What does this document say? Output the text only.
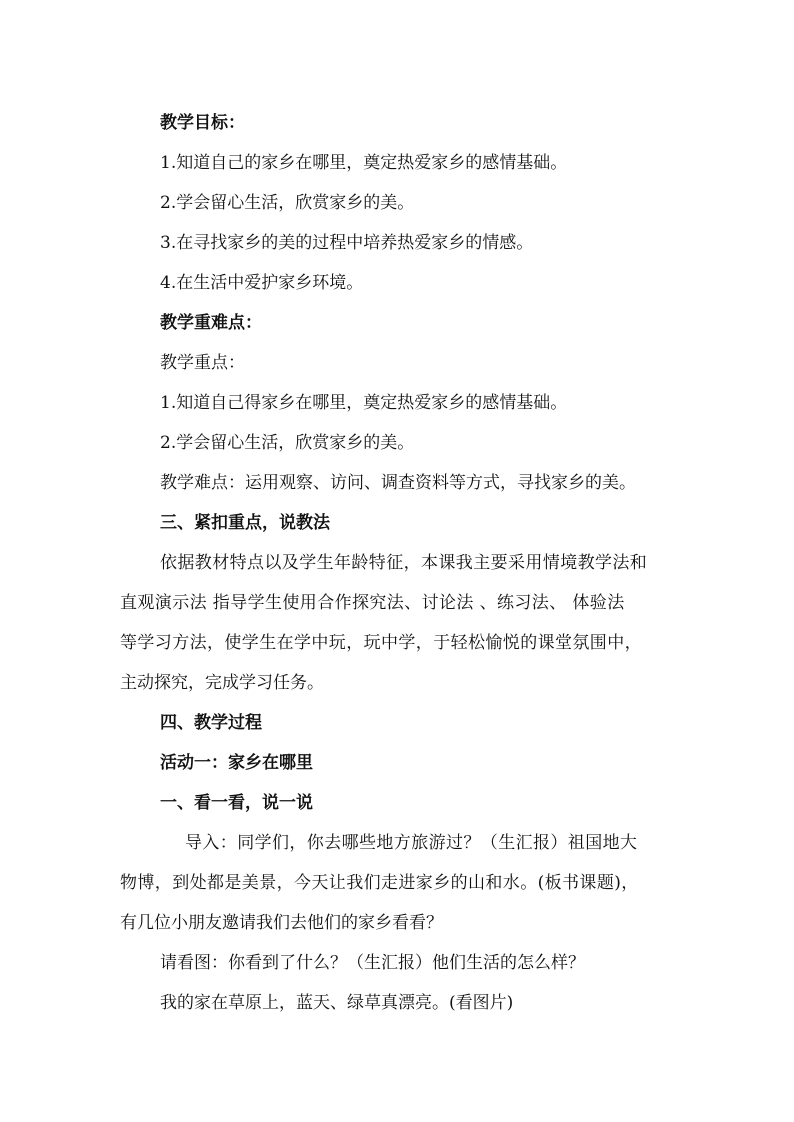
教学目标：
1.知道自己的家乡在哪里，奠定热爱家乡的感情基础。
2.学会留心生活，欣赏家乡的美。
3.在寻找家乡的美的过程中培养热爱家乡的情感。
4.在生活中爱护家乡环境。
教学重难点：
教学重点：
1.知道自己得家乡在哪里，奠定热爱家乡的感情基础。
2.学会留心生活，欣赏家乡的美。
教学难点：运用观察、访问、调查资料等方式，寻找家乡的美。
三、紧扣重点，说教法
依据教材特点以及学生年龄特征，本课我主要采用情境教学法和
直观演示法 指导学生使用合作探究法、讨论法 、练习法、 体验法
等学习方法，使学生在学中玩，玩中学，于轻松愉悦的课堂氛围中，
主动探究，完成学习任务。
四、教学过程
活动一：家乡在哪里
一、看一看，说一说
导入：同学们，你去哪些地方旅游过？（生汇报）祖国地大
物博，到处都是美景，今天让我们走进家乡的山和水。(板书课题)，
有几位小朋友邀请我们去他们的家乡看看？
请看图：你看到了什么？（生汇报）他们生活的怎么样？
我的家在草原上，蓝天、绿草真漂亮。(看图片)
